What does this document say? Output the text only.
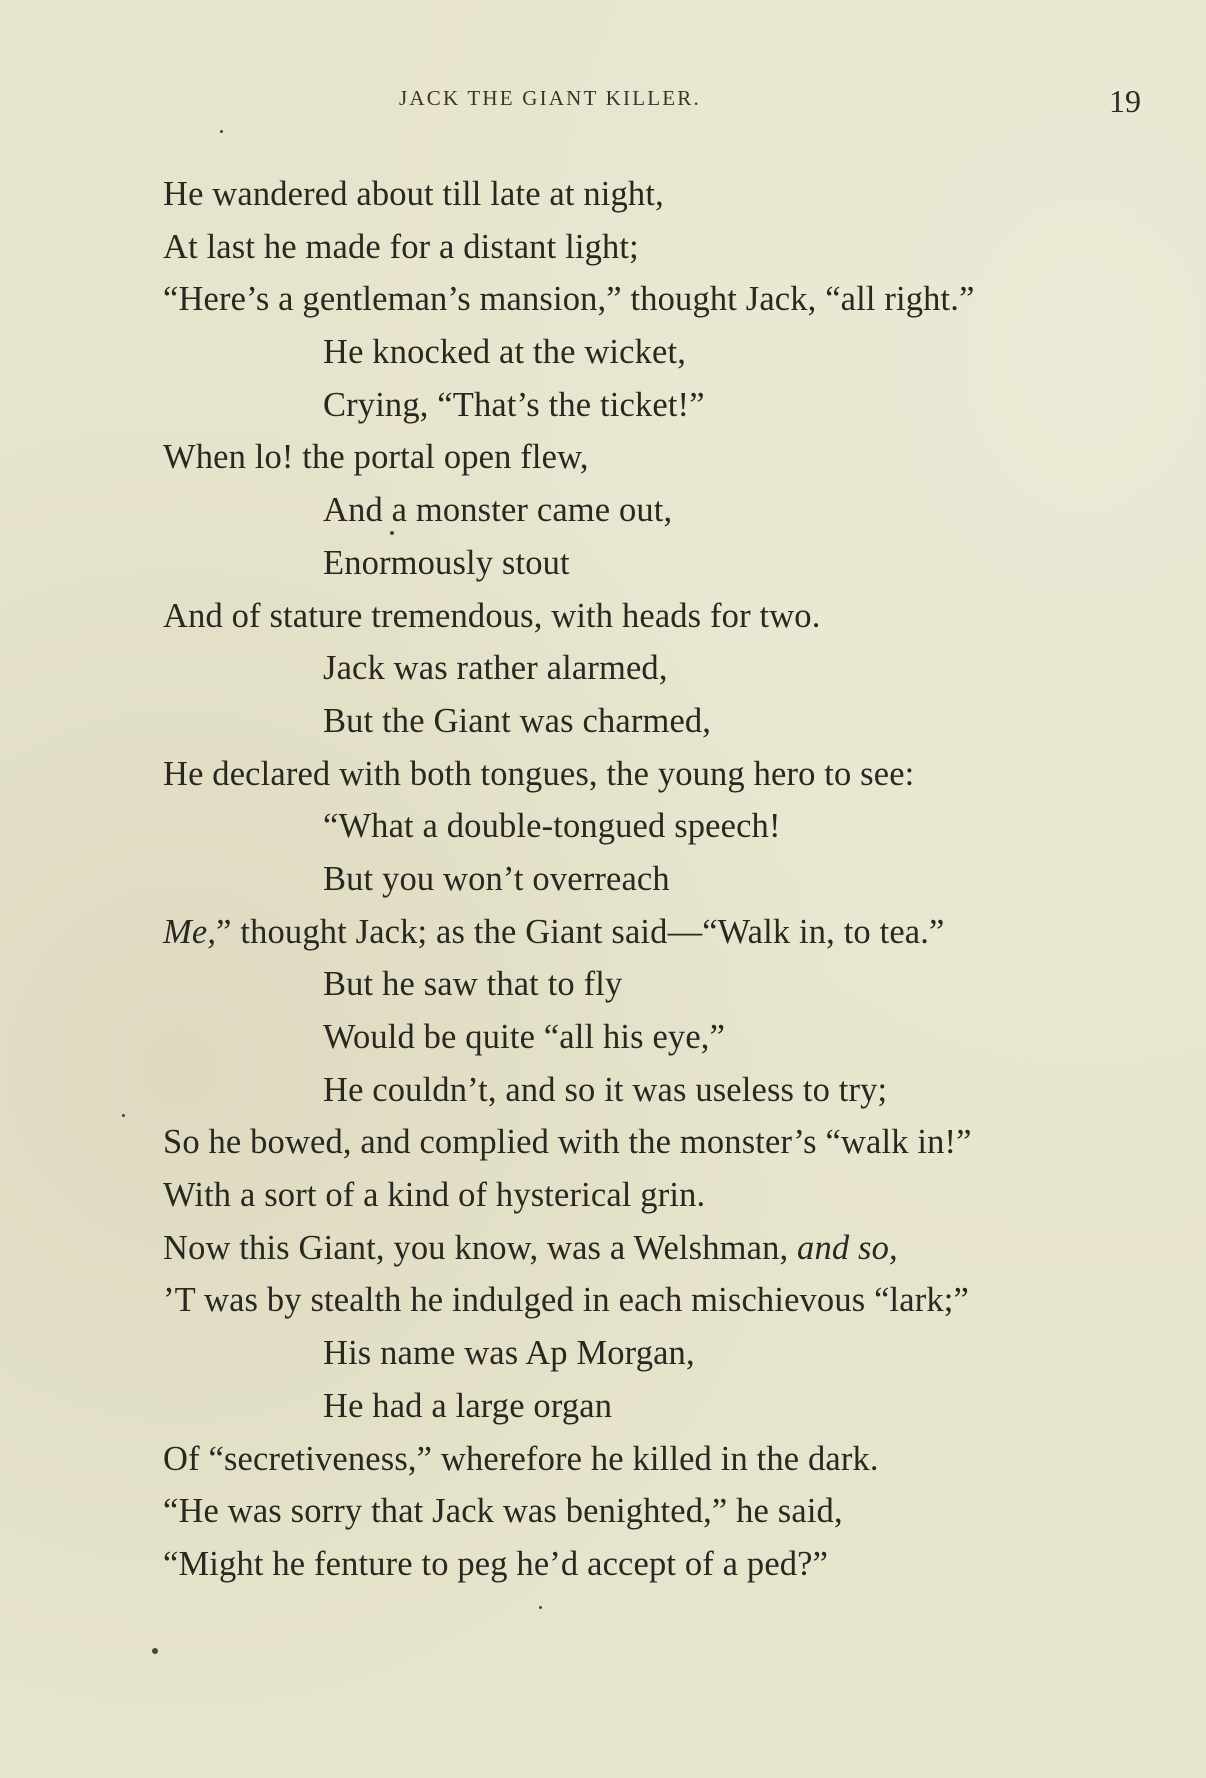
JACK THE GIANT KILLER.	19
He wandered about till late at night,
At last he made for a distant light;
“Here’s a gentleman’s mansion,” thought Jack, “all right.”
He knocked at the wicket,
Crying, “That’s the ticket!”
When lo! the portal open flew,
And a monster came out,
Enormously stout
And of stature tremendous, with heads for two.
Jack was rather alarmed,
But the Giant was charmed,
He declared with both tongues, the young hero to see:
“What a double-tongued speech!
But you won’t overreach
Me,” thought Jack; as the Giant said—“Walk in, to tea.”
But he saw that to fly
Would be quite “all his eye,”
He couldn’t, and so it was useless to try;
So he bowed, and complied with the monster’s “walk in!”
With a sort of a kind of hysterical grin.
Now this Giant, you know, was a Welshman, and so,
’T was by stealth he indulged in each mischievous “lark;”
His name was Ap Morgan,
He had a large organ
Of “secretiveness,” wherefore he killed in the dark.
“He was sorry that Jack was benighted,” he said,
“Might he fenture to peg he’d accept of a ped?”
